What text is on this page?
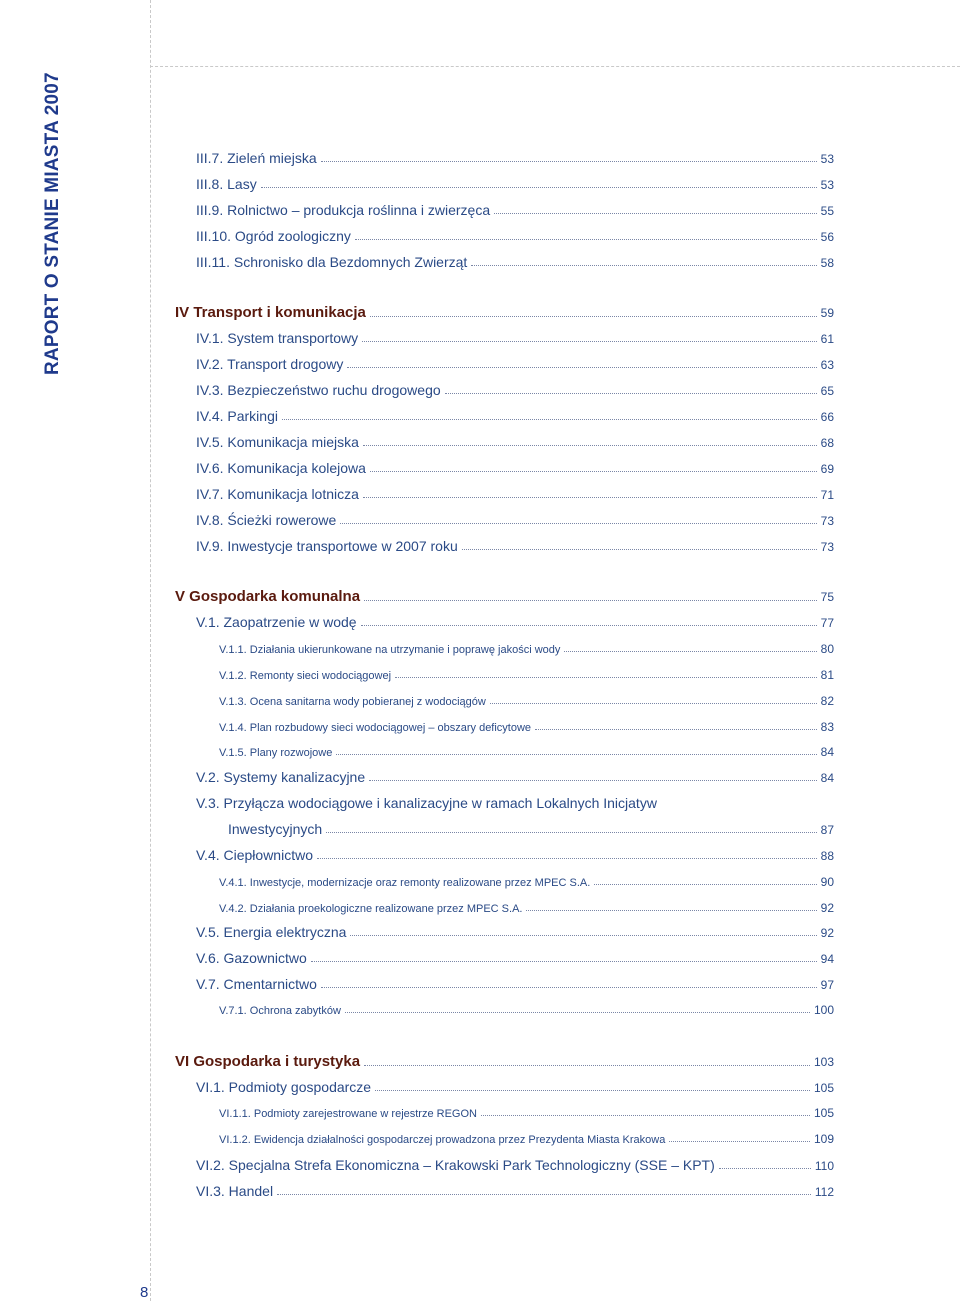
RAPORT O STANIE MIASTA 2007
8
III.7. Zieleń miejska	53
III.8. Lasy	53
III.9. Rolnictwo – produkcja roślinna i zwierzęca	55
III.10. Ogród zoologiczny	56
III.11. Schronisko dla Bezdomnych Zwierząt	58
IV Transport i komunikacja	59
IV.1. System transportowy	61
IV.2. Transport drogowy	63
IV.3. Bezpieczeństwo ruchu drogowego	65
IV.4. Parkingi	66
IV.5. Komunikacja miejska	68
IV.6. Komunikacja kolejowa	69
IV.7. Komunikacja lotnicza	71
IV.8. Ścieżki rowerowe	73
IV.9. Inwestycje transportowe w 2007 roku	73
V Gospodarka komunalna	75
V.1. Zaopatrzenie w wodę	77
V.1.1. Działania ukierunkowane na utrzymanie i poprawę jakości wody	80
V.1.2. Remonty sieci wodociągowej	81
V.1.3. Ocena sanitarna wody pobieranej z wodociągów	82
V.1.4. Plan rozbudowy sieci wodociągowej – obszary deficytowe	83
V.1.5. Plany rozwojowe	84
V.2. Systemy kanalizacyjne	84
V.3. Przyłącza wodociągowe i kanalizacyjne w ramach Lokalnych Inicjatyw
Inwestycyjnych	87
V.4. Ciepłownictwo	88
V.4.1. Inwestycje, modernizacje oraz remonty realizowane przez MPEC S.A.	90
V.4.2. Działania proekologiczne realizowane przez MPEC S.A.	92
V.5. Energia elektryczna	92
V.6. Gazownictwo	94
V.7. Cmentarnictwo	97
V.7.1. Ochrona zabytków	100
VI Gospodarka i turystyka	103
VI.1. Podmioty gospodarcze	105
VI.1.1. Podmioty zarejestrowane w rejestrze REGON	105
VI.1.2. Ewidencja działalności gospodarczej prowadzona przez Prezydenta Miasta Krakowa	109
VI.2. Specjalna Strefa Ekonomiczna – Krakowski Park Technologiczny (SSE – KPT)	110
VI.3. Handel	112
